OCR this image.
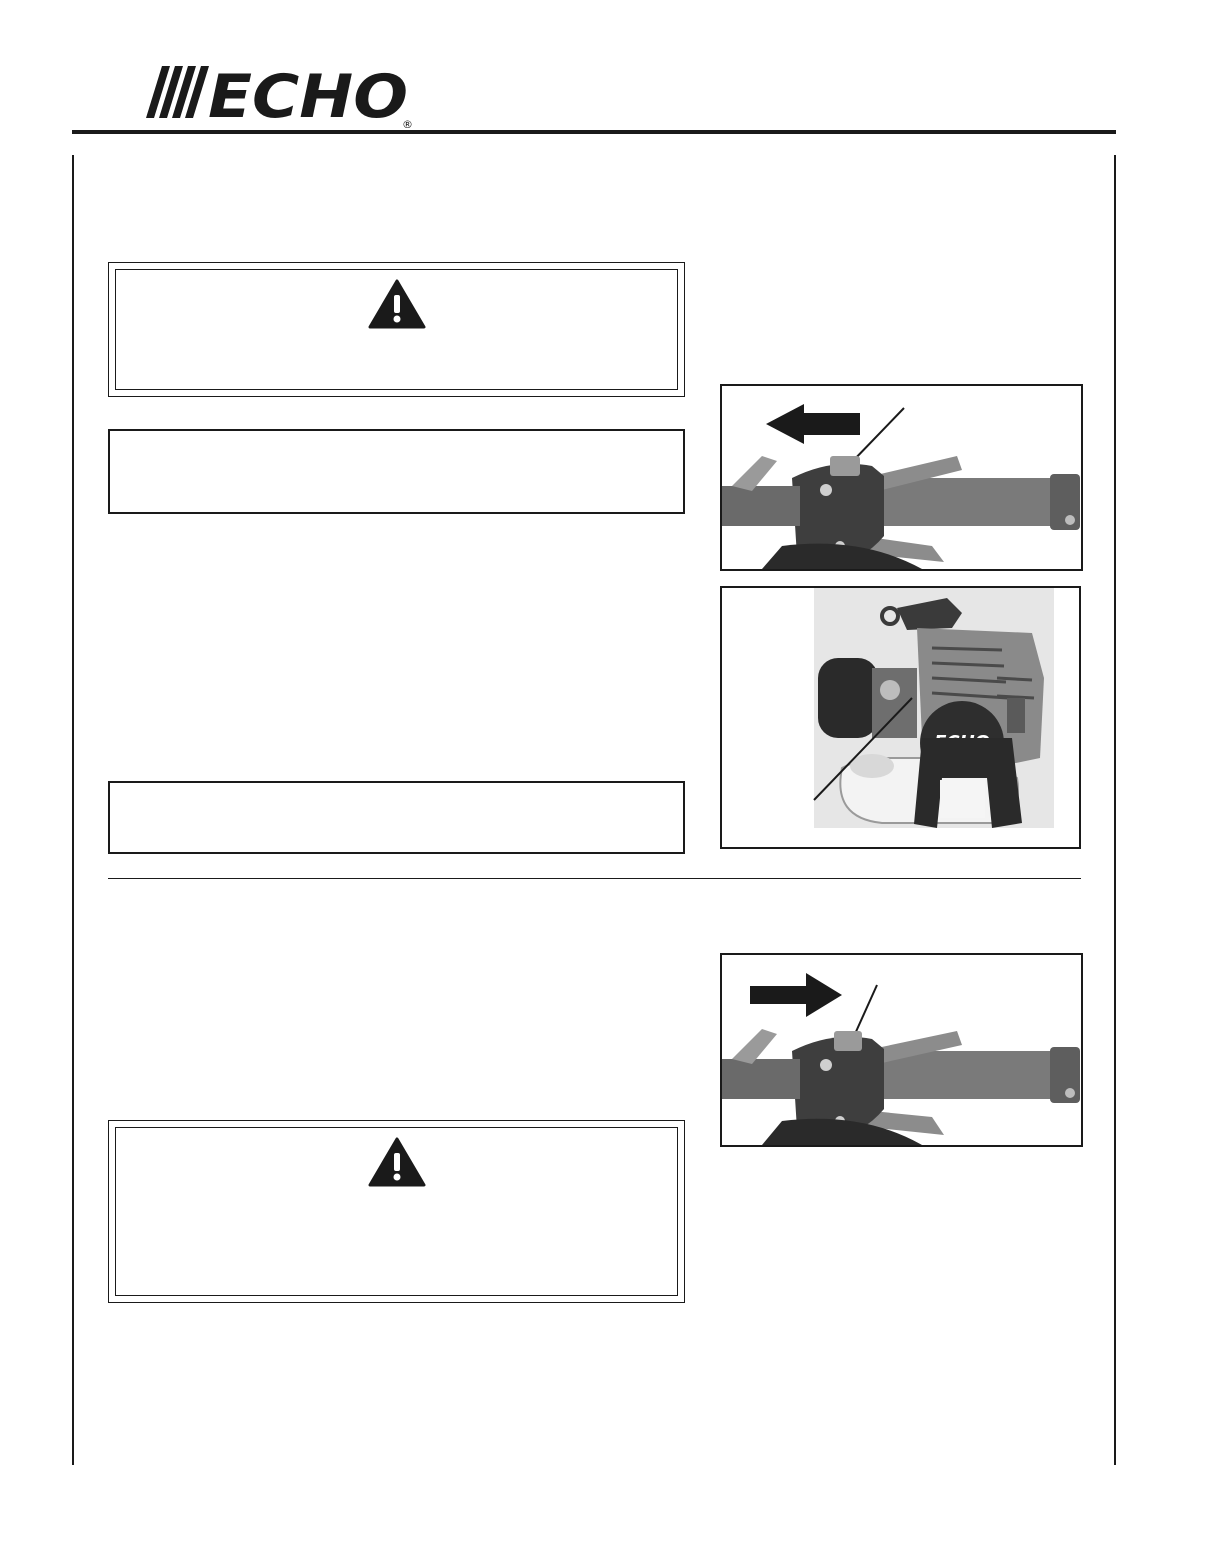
ECHO
®
